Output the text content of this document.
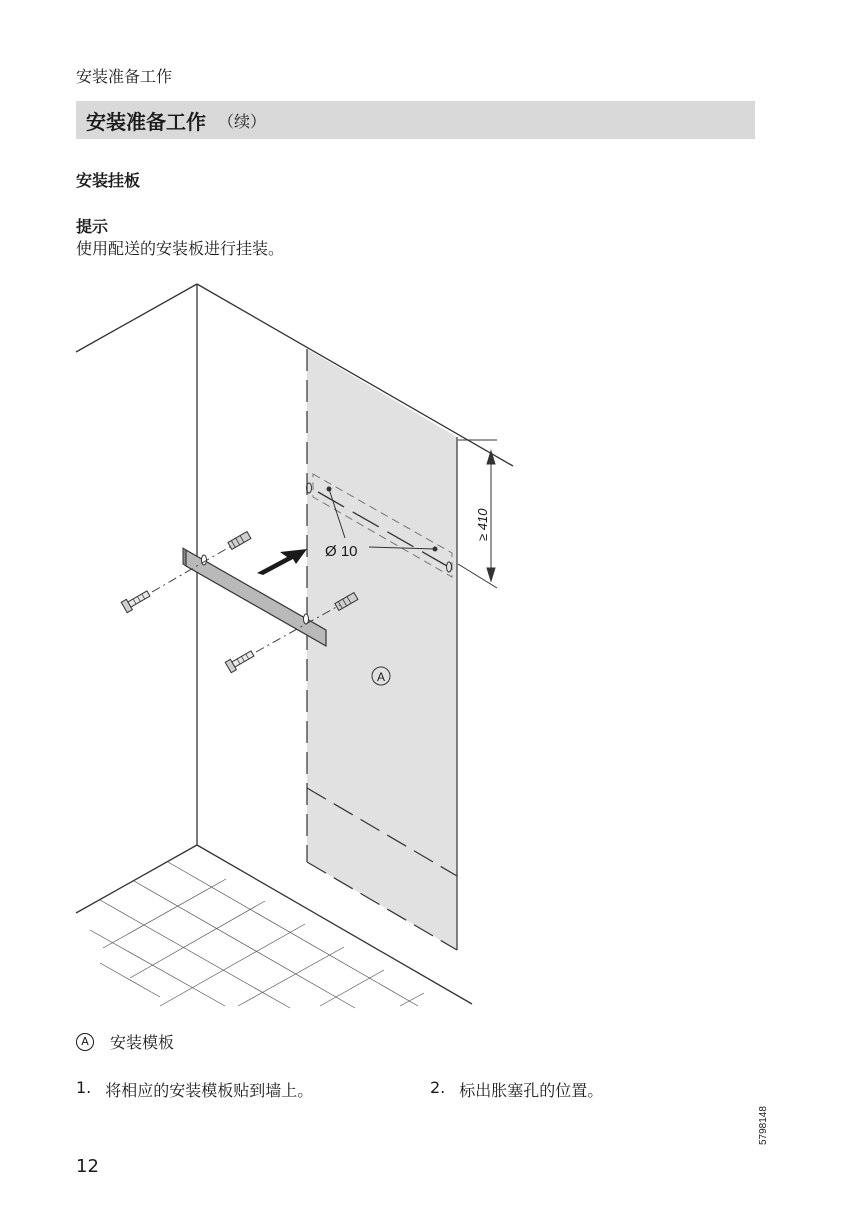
安装准备工作
安装准备工作 （续）
安装挂板
提示
使用配送的安装板进行挂装。
Ø 10
≥ 410
A
A	安装模板
1. 将相应的安装模板贴到墙上。	2. 标出胀塞孔的位置。
5798148
12
